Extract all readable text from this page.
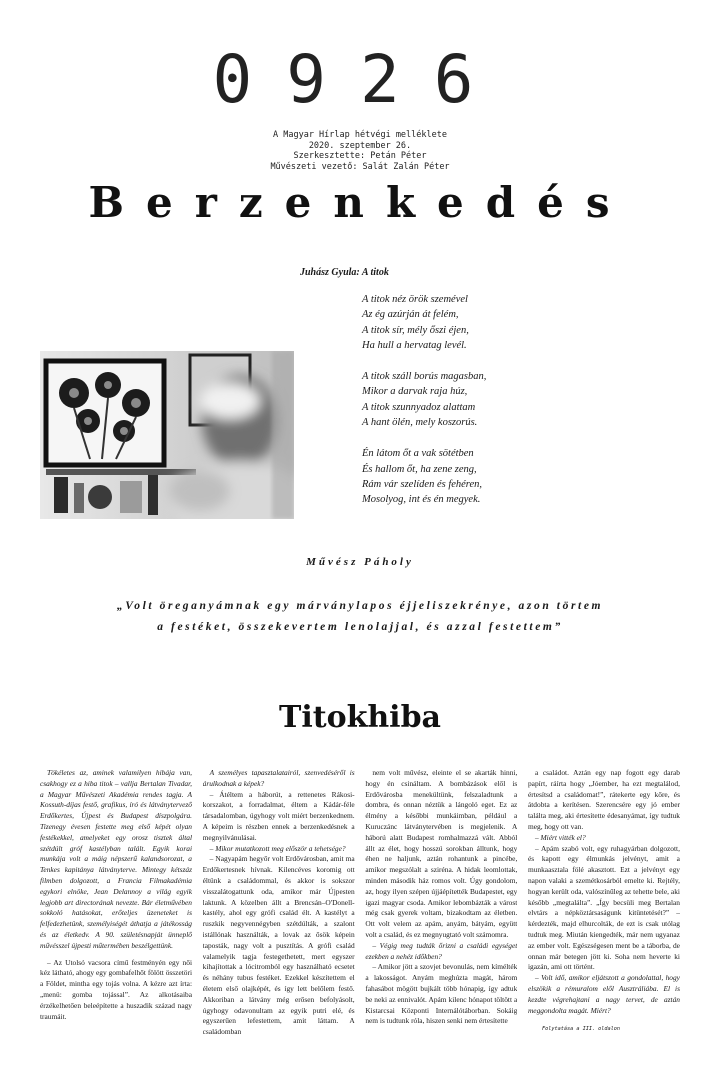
0926
A Magyar Hírlap hétvégi melléklete
2020. szeptember 26.
Szerkesztette: Petán Péter
Művészeti vezető: Salát Zalán Péter
Berzenkedés
Juhász Gyula: A titok
A titok néz örök szemével
Az ég azúrján át felém,
A titok sír, mély őszi éjen,
Ha hull a hervatag levél.
A titok száll borús magasban,
Mikor a darvak raja húz,
A titok szunnyadoz alattam
A hant ölén, mely koszorús.
Én látom őt a vak sötétben
És hallom őt, ha zene zeng,
Rám vár szelíden és fehéren,
Mosolyog, int és én megyek.
Művész Páholy
„Volt öreganyámnak egy márványlapos éjjeliszekrénye, azon törtem
a festéket, összekevertem lenolajjal, és azzal festettem”
Titokhiba

Tökéletes az, aminek valamilyen hibája van, csakhogy ez a hiba titok – vallja Bertalan Tivadar, a Magyar Művészeti Akadémia rendes tagja. A Kossuth-díjas festő, grafikus, író és látványtervező Erdőkertes, Újpest és Budapest díszpolgára. Tizenegy évesen festette meg első képét olyan festékekkel, amelyeket egy orosz tisztek által szétdúlt gróf kastélyban talált. Egyik korai munkája volt a máig népszerű kalandsorozat, a Tenkes kapitánya látványterve. Mintegy kétszáz filmben dolgozott, a Francia Filmakadémia egykori elnöke, Jean Delannoy a világ egyik legjobb art directorának nevezte. Bár életművében sokkoló hatásokat, erőteljes üzeneteket is felfedezhetünk, személyiségét áthatja a játékosság és az életkedv. A 90. születésnapját ünneplő művésszel újpesti műtermében beszélgettünk.

– Az Utolsó vacsora című festményén egy női kéz látható, ahogy egy gombafelhőt fölött összetöri a Földet, mintha egy tojás volna. A kézre azt írta: „menü: gomba tojással”. Az alkotásaiba érzékelhetően beleépítette a huszadik század nagy traumáit.

A személyes tapasztalatairól, szenvedéséről is árulkodnak a képek?

– Átéltem a háborút, a rettenetes Rákosi-korszakot, a forradalmat, éltem a Kádár-féle társadalomban, úgyhogy volt miért berzenkednem. A képeim is részben ennek a berzenkedésnek a megnyilvánulásai.

– Mikor mutatkozott meg először a tehetsége?

– Nagyapám hegyőr volt Erdővárosban, amit ma Erdőkertesnek hívnak. Kilencéves koromig ott éltünk a családommal, és akkor is sokszor visszalátogattunk oda, amikor már Újpesten laktunk. A közelben állt a Brencsán–O'Donell-kastély, ahol egy grófi család élt. A kastélyt a ruszkik negyvennégyben szétdúlták, a szalont istállónak használták, a lovak az ősök képein taposták, nagy volt a pusztítás. A grófi család valamelyik tagja festegethetett, mert egyszer kihajítottak a lócitromból egy használható ecsetet és néhány tubus festéket. Ezekkel készítettem el életem első olajképét, és így lett belőlem festő. Akkoriban a látvány még erősen befolyásolt, úgyhogy odavonultam az egyik putri elé, és egyszerűen lefestettem, amit láttam. A családomban

nem volt művész, eleinte el se akarták hinni, hogy én csináltam. A bombázások elől is Erdővárosba menekültünk, felszaladtunk a dombra, és onnan néztük a lángoló eget. Ez az élmény a későbbi munkáimban, például a Kuruczánc látványtervében is megjelenik. A háború alatt Budapest romhalmazzá vált. Abból állt az élet, hogy hosszú sorokban álltunk, hogy éhen ne haljunk, aztán rohantunk a pincébe, amikor megszólalt a sziréna. A hidak leomlottak, minden második ház romos volt. Úgy gondolom, az, hogy ilyen szépen újjáépítették Budapestet, egy igazi magyar csoda. Amikor lebombázták a várost még csak gyerek voltam, bizakodtam az életben. Ott volt velem az apám, anyám, bátyám, együtt volt a család, és ez megnyugtató volt számomra.

– Végig meg tudták őrizni a családi egységet ezekben a nehéz időkben?

– Amikor jött a szovjet bevonulás, nem kímélték a lakosságot. Anyám meghúzta magát, három fahasábot mögött bujkált több hónapig, így adtuk be neki az ennivalót. Apám kilenc hónapot töltött a Kistarcsai Központi Internálótáborban. Sokáig nem is tudtunk róla, hiszen senki nem értesítette

a családot. Aztán egy nap fogott egy darab papírt, ráírta hogy „Jóember, ha ezt megtalálod, értesítsd a családomat!”, rátekerte egy kőre, és átdobta a kerítésen. Szerencsére egy jó ember találta meg, aki értesítette édesanyámat, így tudtuk meg, hogy ott van.

– Miért vitték el?

– Apám szabó volt, egy ruhagyárban dolgozott, és kapott egy élmunkás jelvényt, amit a munkaasztala fölé akasztott. Ezt a jelvényt egy napon valaki a szemétkosárból emelte ki. Rejtély, hogyan került oda, valószínűleg az tehette bele, aki később „megtalálta”. „Így becsüli meg Bertalan elvtárs a népköztársaságunk kitüntetését?” – kérdezték, majd elhurcolták, de ezt is csak utólag tudtuk meg. Miután kiengedték, már nem ugyanaz az ember volt. Egészségesen ment be a táborba, de onnan már betegen jött ki. Soha nem heverte ki igazán, ami ott történt.

– Volt idő, amikor eljátszott a gondolattal, hogy elszökik a rémuralom elől Ausztráliába. El is kezdte végrehajtani a nagy tervet, de aztán meggondolta magát. Miért?

Folytatása a III. oldalon
